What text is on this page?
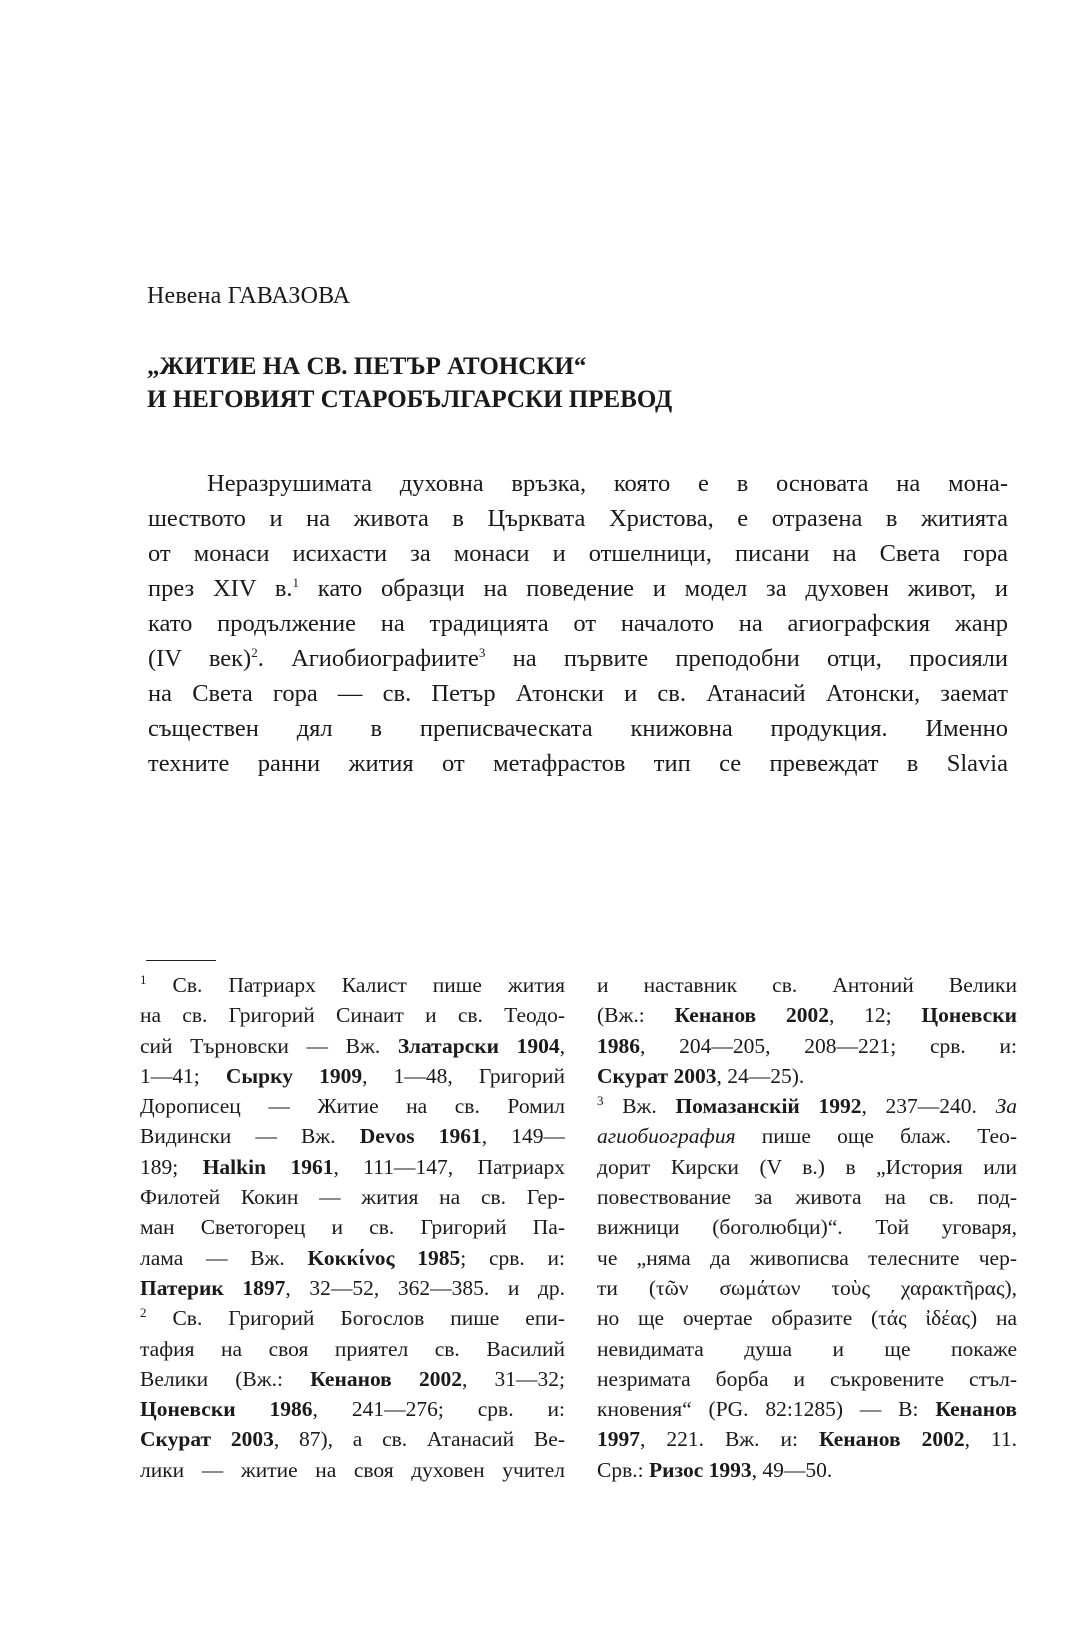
Невена ГАВАЗОВА
„ЖИТИЕ НА СВ. ПЕТЪР АТОНСКИ“
И НЕГОВИЯТ СТАРОБЪЛГАРСКИ ПРЕВОД
Неразрушимата духовна връзка, която е в основата на мона-
шеството и на живота в Църквата Христова, е отразена в житията
от монаси исихасти за монаси и отшелници, писани на Света гора
през XIV в.$^1$ като образци на поведение и модел за духовен живот, и
като продължение на традицията от началото на агиографския жанр
(IV век)$^2$. Агиобиографиите$^3$ на първите преподобни отци, просияли
на Света гора — св. Петър Атонски и св. Атанасий Атонски, заемат
съществен дял в преписваческата книжовна продукция. Именно
техните ранни жития от метафрастов тип се превеждат в Slavia
$^1$ Св. Патриарх Калист пише жития
на св. Григорий Синаит и св. Теодо-
сий Търновски — Вж. Златарски 1904,
1—41; Сырку 1909, 1—48, Григорий
Дорописец — Житие на св. Ромил
Видински — Вж. Devos 1961, 149—
189; Halkin 1961, 111—147, Патриарх
Филотей Кокин — жития на св. Гер-
ман Светогорец и св. Григорий Па-
лама — Вж. Κοκκίνος 1985; срв. и:
Патерик 1897, 32—52, 362—385. и др.
$^2$ Св. Григорий Богослов пише епи-
тафия на своя приятел св. Василий
Велики (Вж.: Кенанов 2002, 31—32;
Цоневски 1986, 241—276; срв. и:
Скурат 2003, 87), а св. Атанасий Ве-
лики — житие на своя духовен учител
и наставник св. Антоний Велики
(Вж.: Кенанов 2002, 12; Цоневски
1986, 204—205, 208—221; срв. и:
Скурат 2003, 24—25).
$^3$ Вж. Помазанскій 1992, 237—240. За
агиобиография пише още блаж. Тео-
дорит Кирски (V в.) в „История или
повествование за живота на св. под-
вижници (боголюбци)“. Той уговаря,
че „няма да живописва телесните чер-
ти (τῶν σωμάτων τοὺς χαρακτῆρας),
но ще очертае образите (τάς ἰδέας) на
невидимата душа и ще покаже
незримата борба и съкровените стъл-
кновения“ (PG. 82:1285) — В: Кенанов
1997, 221. Вж. и: Кенанов 2002, 11.
Срв.: Ризос 1993, 49—50.
